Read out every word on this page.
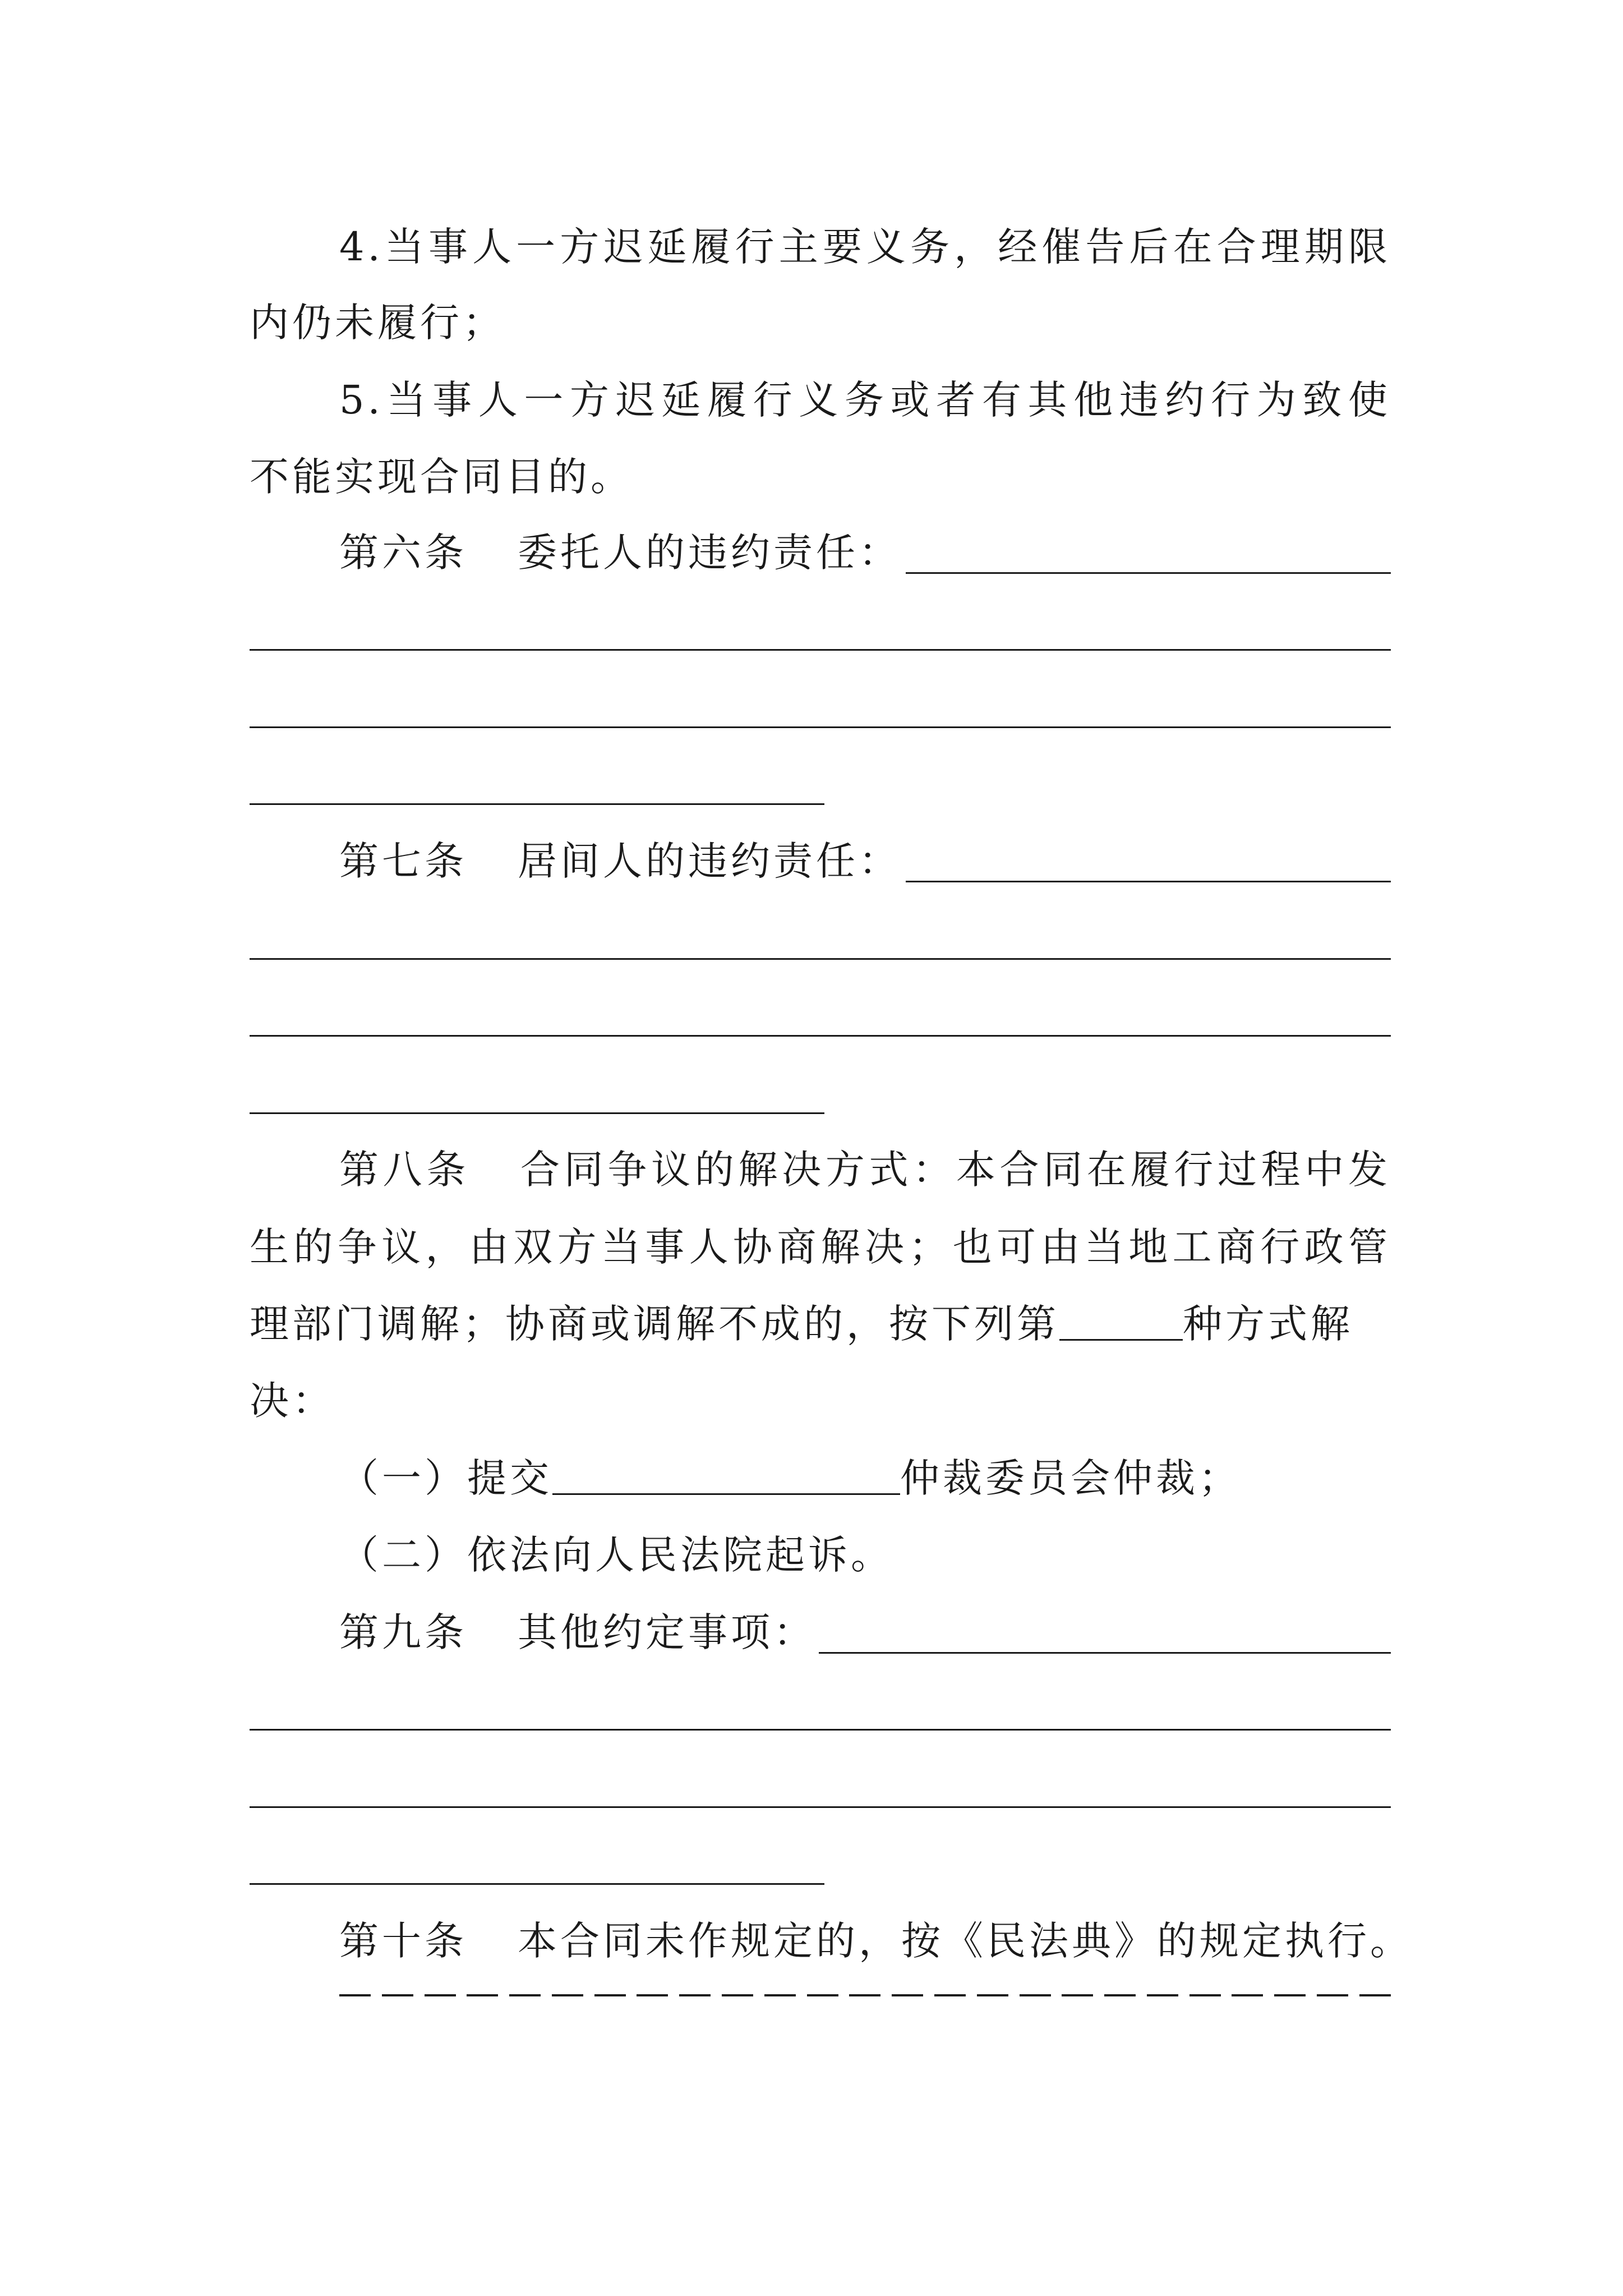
4.当事人一方迟延履行主要义务，经催告后在合理期限
内仍未履行；
5.当事人一方迟延履行义务或者有其他违约行为致使
不能实现合同目的。
第六条 委托人的违约责任：
第七条 居间人的违约责任：
第八条 合同争议的解决方式：本合同在履行过程中发
生的争议，由双方当事人协商解决；也可由当地工商行政管
理部门调解；协商或调解不成的，按下列第	种方式解
决：
（一）提交	仲裁委员会仲裁；
（二）依法向人民法院起诉。
第九条 其他约定事项：
第十条 本合同未作规定的，按《民法典》的规定执行。
